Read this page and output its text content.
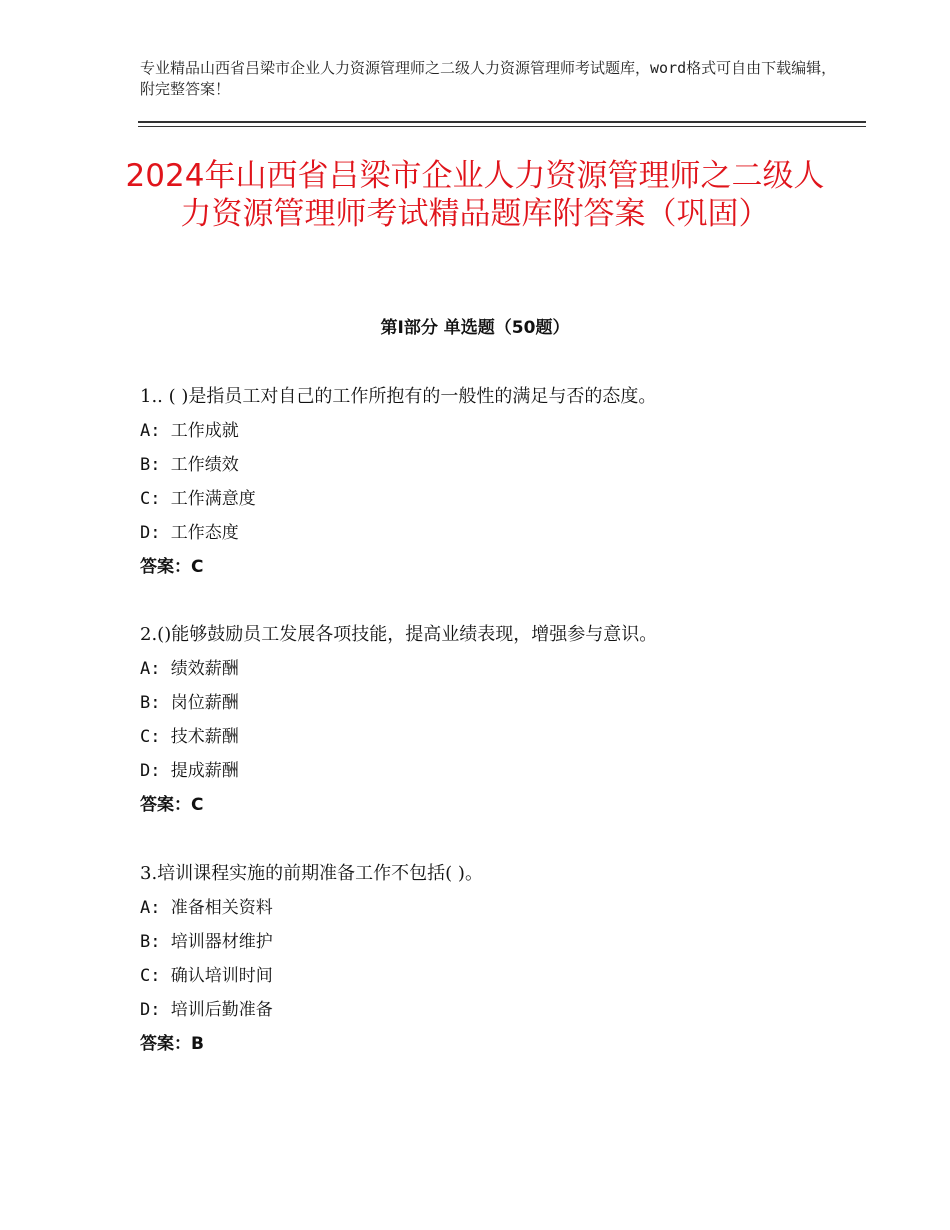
专业精品山西省吕梁市企业人力资源管理师之二级人力资源管理师考试题库，word格式可自由下载编辑，附完整答案！
2024年山西省吕梁市企业人力资源管理师之二级人力资源管理师考试精品题库附答案（巩固）
第Ⅰ部分 单选题（50题）
1.. ( )是指员工对自己的工作所抱有的一般性的满足与否的态度。
A: 工作成就
B: 工作绩效
C: 工作满意度
D: 工作态度
答案：C
2.()能够鼓励员工发展各项技能，提高业绩表现，增强参与意识。
A: 绩效薪酬
B: 岗位薪酬
C: 技术薪酬
D: 提成薪酬
答案：C
3.培训课程实施的前期准备工作不包括( )。
A: 准备相关资料
B: 培训器材维护
C: 确认培训时间
D: 培训后勤准备
答案：B
